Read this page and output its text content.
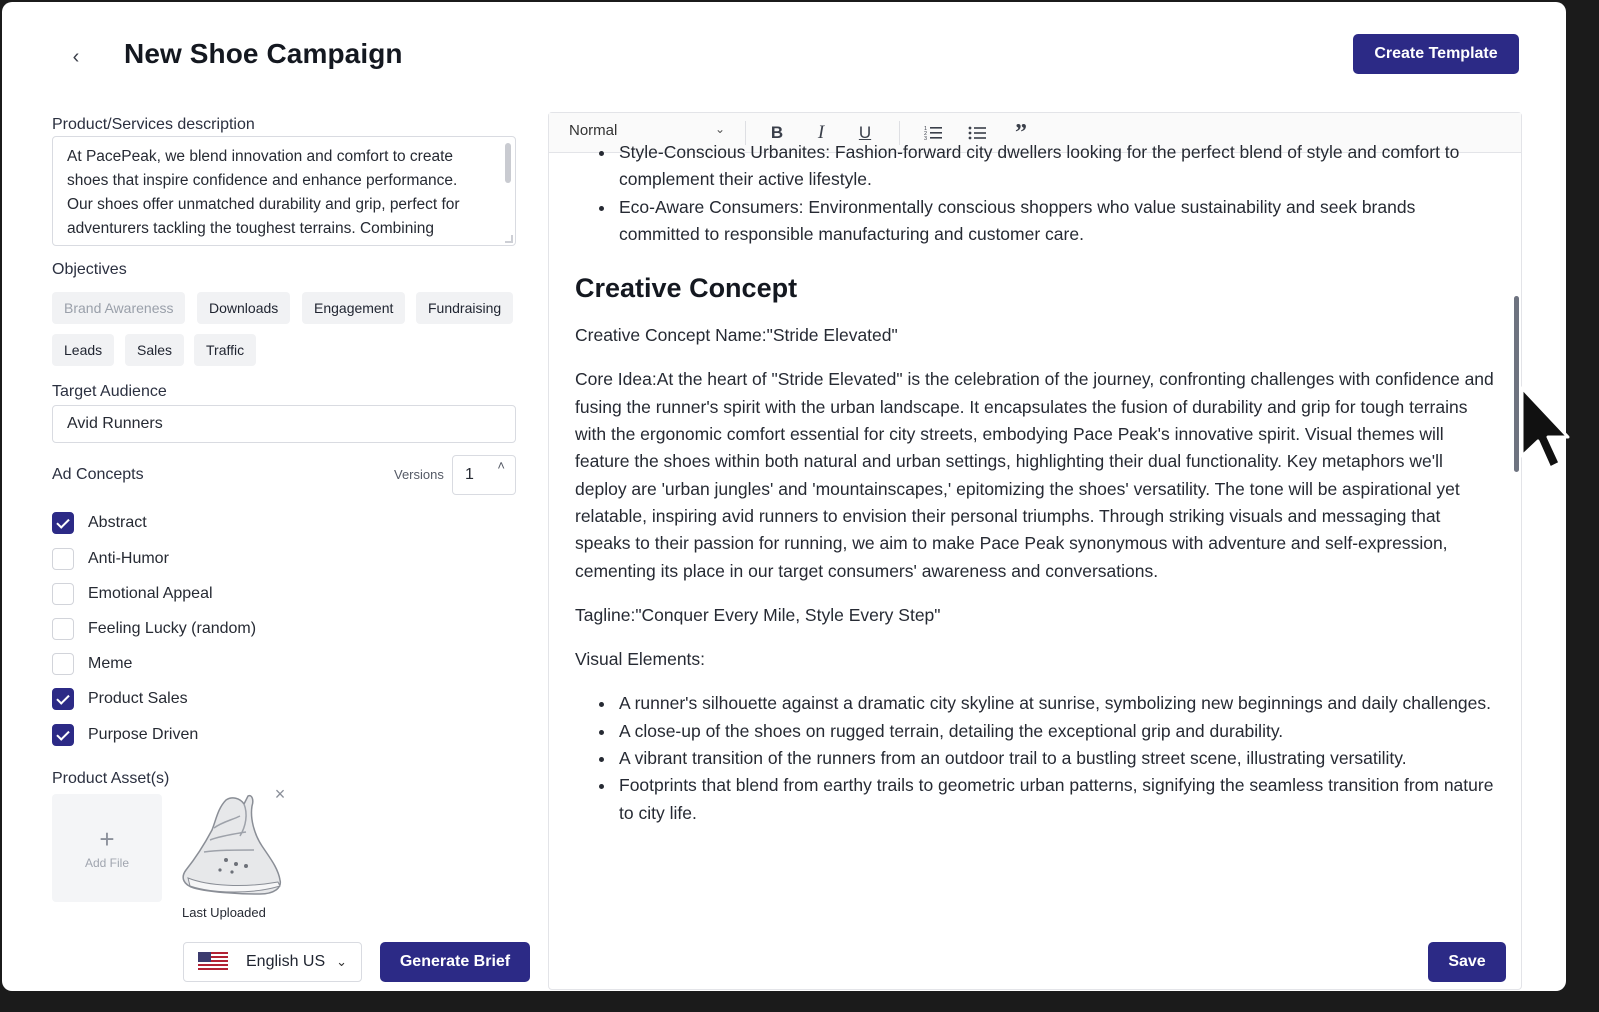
‹ New Shoe Campaign	Create Template
Product/Services description
At PacePeak, we blend innovation and comfort to create shoes that inspire confidence and enhance performance. Our shoes offer unmatched durability and grip, perfect for adventurers tackling the toughest terrains. Combining
Objectives
Brand Awareness	Downloads	Engagement	Fundraising
Leads	Sales	Traffic
Target Audience
Avid Runners
Ad Concepts	Versions 1
˄
Abstract
Anti-Humor
Emotional Appeal
Feeling Lucky (random)
Meme
Product Sales
Purpose Driven
Product Asset(s)
+
Add File
×
Last Uploaded
English US ⌄	Generate Brief
Normal	⌄	B	I	U	1
2
3	”
Style-Conscious Urbanites: Fashion-forward city dwellers looking for the perfect blend of style and comfort to complement their active lifestyle.
Eco-Aware Consumers: Environmentally conscious shoppers who value sustainability and seek brands committed to responsible manufacturing and customer care.
Creative Concept

Creative Concept Name:"Stride Elevated"

Core Idea:At the heart of "Stride Elevated" is the celebration of the journey, confronting challenges with confidence and fusing the runner's spirit with the urban landscape. It encapsulates the fusion of durability and grip for tough terrains with the ergonomic comfort essential for city streets, embodying Pace Peak's innovative spirit. Visual themes will feature the shoes within both natural and urban settings, highlighting their dual functionality. Key metaphors we'll deploy are 'urban jungles' and 'mountainscapes,' epitomizing the shoes' versatility. The tone will be aspirational yet relatable, inspiring avid runners to envision their personal triumphs. Through striking visuals and messaging that speaks to their passion for running, we aim to make Pace Peak synonymous with adventure and self-expression, cementing its place in our target consumers' awareness and conversations.

Tagline:"Conquer Every Mile, Style Every Step"

Visual Elements:

A runner's silhouette against a dramatic city skyline at sunrise, symbolizing new beginnings and daily challenges.
A close-up of the shoes on rugged terrain, detailing the exceptional grip and durability.
A vibrant transition of the runners from an outdoor trail to a bustling street scene, illustrating versatility.
Footprints that blend from earthy trails to geometric urban patterns, signifying the seamless transition from nature to city life.
Save
